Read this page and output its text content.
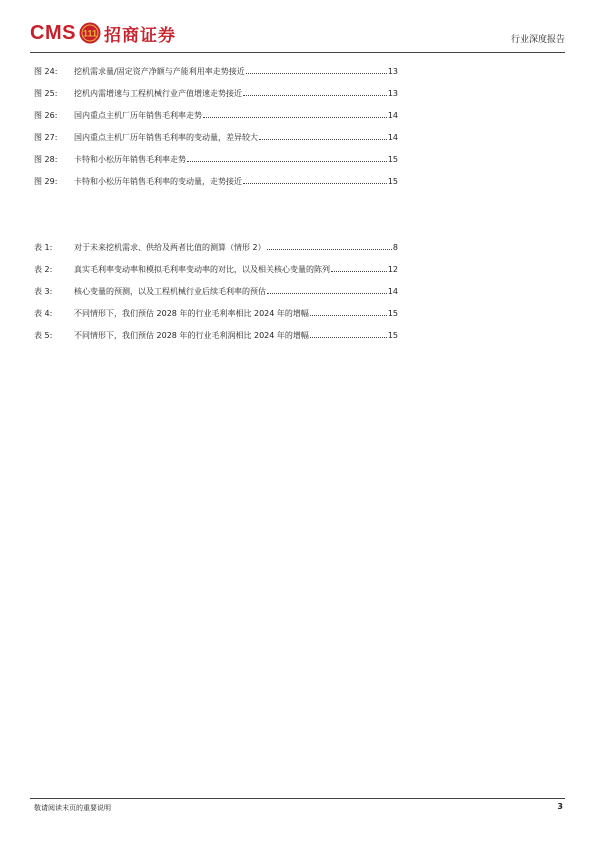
CMS 111 招商证券	行业深度报告
图 24:	挖机需求量/固定资产净额与产能利用率走势接近	13
图 25:	挖机内需增速与工程机械行业产值增速走势接近	13
图 26:	国内重点主机厂历年销售毛利率走势	14
图 27:	国内重点主机厂历年销售毛利率的变动量，差异较大	14
图 28:	卡特和小松历年销售毛利率走势	15
图 29:	卡特和小松历年销售毛利率的变动量，走势接近	15
表 1:	对于未来挖机需求、供给及两者比值的测算（情形 2）	8
表 2:	真实毛利率变动率和模拟毛利率变动率的对比，以及相关核心变量的陈列	12
表 3:	核心变量的预测，以及工程机械行业后续毛利率的预估	14
表 4:	不同情形下，我们预估 2028 年的行业毛利率相比 2024 年的增幅	15
表 5:	不同情形下，我们预估 2028 年的行业毛利润相比 2024 年的增幅	15
敬请阅读末页的重要说明	3
